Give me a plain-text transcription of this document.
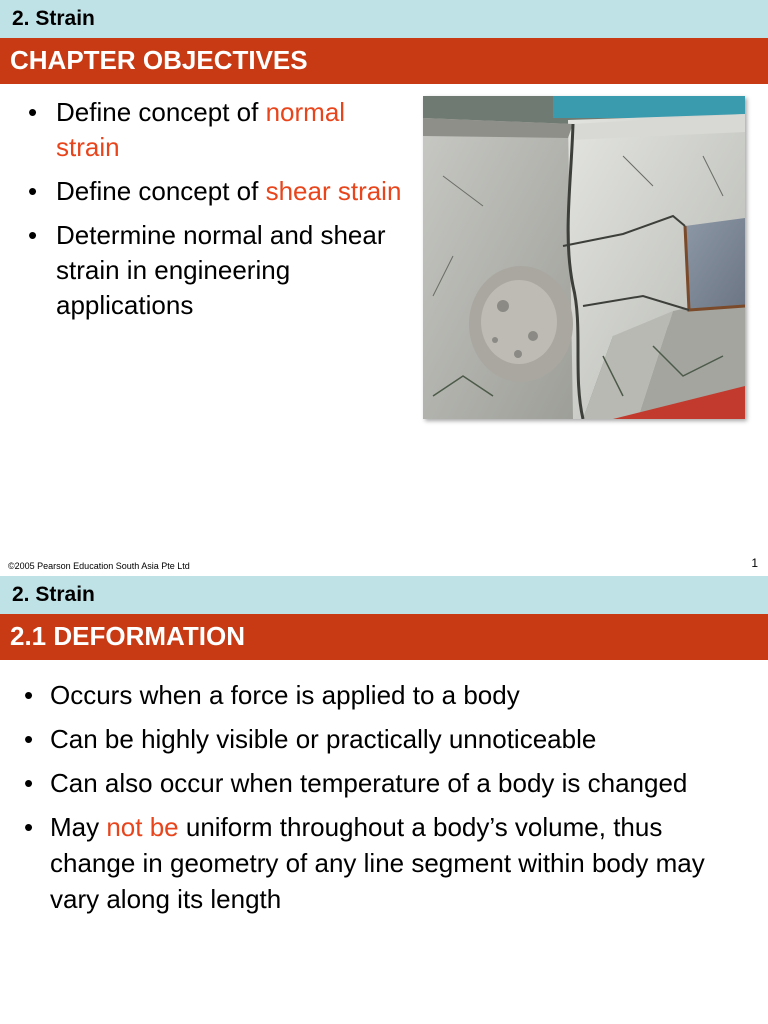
2. Strain
CHAPTER OBJECTIVES
• Define concept of normal strain
• Define concept of shear strain
• Determine normal and shear strain in engineering applications
©2005 Pearson Education South Asia Pte Ltd	1
2. Strain
2.1 DEFORMATION
• Occurs when a force is applied to a body
• Can be highly visible or practically unnoticeable
• Can also occur when temperature of a body is changed
• May not be uniform throughout a body’s volume, thus change in geometry of any line segment within body may vary along its length
